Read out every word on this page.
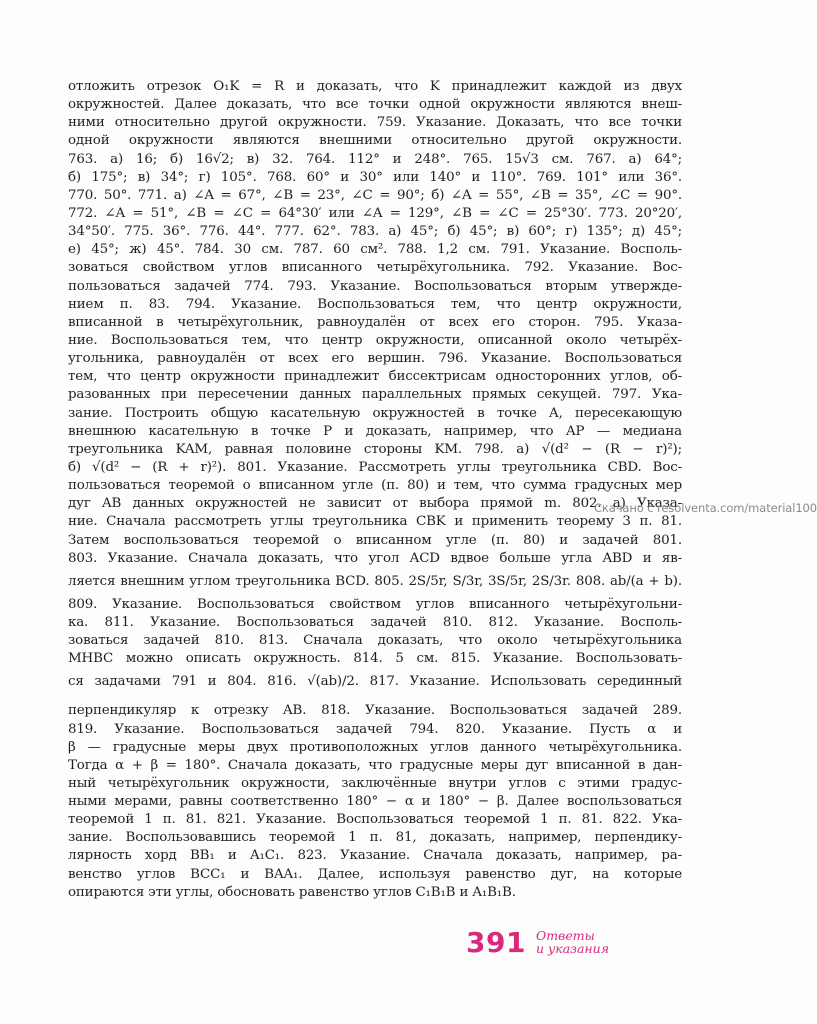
отложить отрезок O₁K = R и доказать, что K принадлежит каждой из двух
окружностей. Далее доказать, что все точки одной окружности являются внеш-
ними относительно другой окружности. 759. Указание. Доказать, что все точки
одной окружности являются внешними относительно другой окружности.
763. а) 16; б) 16√2; в) 32. 764. 112° и 248°. 765. 15√3 см. 767. а) 64°;
б) 175°; в) 34°; г) 105°. 768. 60° и 30° или 140° и 110°. 769. 101° или 36°.
770. 50°. 771. а) ∠A = 67°, ∠B = 23°, ∠C = 90°; б) ∠A = 55°, ∠B = 35°, ∠C = 90°.
772. ∠A = 51°, ∠B = ∠C = 64°30′ или ∠A = 129°, ∠B = ∠C = 25°30′. 773. 20°20′,
34°50′. 775. 36°. 776. 44°. 777. 62°. 783. а) 45°; б) 45°; в) 60°; г) 135°; д) 45°;
е) 45°; ж) 45°. 784. 30 см. 787. 60 см². 788. 1,2 см. 791. Указание. Восполь-
зоваться свойством углов вписанного четырёхугольника. 792. Указание. Вос-
пользоваться задачей 774. 793. Указание. Воспользоваться вторым утвержде-
нием п. 83. 794. Указание. Воспользоваться тем, что центр окружности,
вписанной в четырёхугольник, равноудалён от всех его сторон. 795. Указа-
ние. Воспользоваться тем, что центр окружности, описанной около четырёх-
угольника, равноудалён от всех его вершин. 796. Указание. Воспользоваться
тем, что центр окружности принадлежит биссектрисам односторонних углов, об-
разованных при пересечении данных параллельных прямых секущей. 797. Ука-
зание. Построить общую касательную окружностей в точке A, пересекающую
внешнюю касательную в точке P и доказать, например, что AP — медиана
треугольника KAM, равная половине стороны KM. 798. а) √(d² − (R − r)²);
б) √(d² − (R + r)²). 801. Указание. Рассмотреть углы треугольника CBD. Вос-
пользоваться теоремой о вписанном угле (п. 80) и тем, что сумма градусных мер
дуг AB данных окружностей не зависит от выбора прямой m. 802. а) Указа-
ние. Сначала рассмотреть углы треугольника CBK и применить теорему 3 п. 81.
Затем воспользоваться теоремой о вписанном угле (п. 80) и задачей 801.
803. Указание. Сначала доказать, что угол ACD вдвое больше угла ABD и яв-
ляется внешним углом треугольника BCD. 805. 2S/5r, S/3r, 3S/5r, 2S/3r. 808. ab/(a + b).
809. Указание. Воспользоваться свойством углов вписанного четырёхугольни-
ка. 811. Указание. Воспользоваться задачей 810. 812. Указание. Восполь-
зоваться задачей 810. 813. Сначала доказать, что около четырёхугольника
MHBC можно описать окружность. 814. 5 см. 815. Указание. Воспользовать-
ся задачами 791 и 804. 816. √(ab)/2. 817. Указание. Использовать серединный
перпендикуляр к отрезку AB. 818. Указание. Воспользоваться задачей 289.
819. Указание. Воспользоваться задачей 794. 820. Указание. Пусть α и
β — градусные меры двух противоположных углов данного четырёхугольника.
Тогда α + β = 180°. Сначала доказать, что градусные меры дуг вписанной в дан-
ный четырёхугольник окружности, заключённые внутри углов с этими градус-
ными мерами, равны соответственно 180° − α и 180° − β. Далее воспользоваться
теоремой 1 п. 81. 821. Указание. Воспользоваться теоремой 1 п. 81. 822. Ука-
зание. Воспользовавшись теоремой 1 п. 81, доказать, например, перпендику-
лярность хорд BB₁ и A₁C₁. 823. Указание. Сначала доказать, например, ра-
венство углов BCC₁ и BAA₁. Далее, используя равенство дуг, на которые
опираются эти углы, обосновать равенство углов C₁B₁B и A₁B₁B.
Скачано с resolventa.com/material100
391 Ответы
и указания
